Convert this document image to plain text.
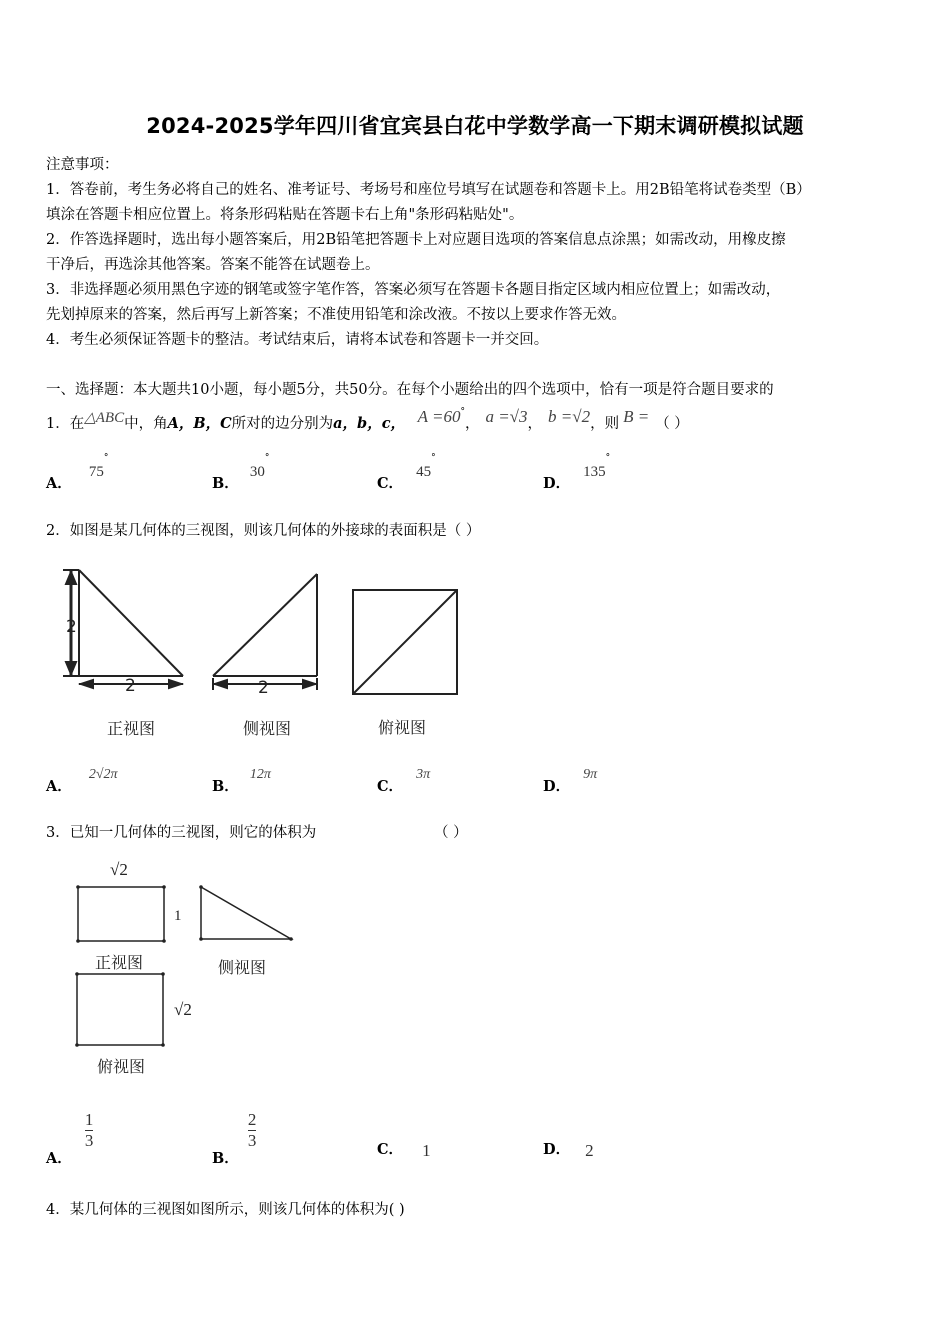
2024-2025学年四川省宜宾县白花中学数学高一下期末调研模拟试题
注意事项：
1．答卷前，考生务必将自己的姓名、准考证号、考场号和座位号填写在试题卷和答题卡上。用2B铅笔将试卷类型（B）
填涂在答题卡相应位置上。将条形码粘贴在答题卡右上角"条形码粘贴处"。
2．作答选择题时，选出每小题答案后，用2B铅笔把答题卡上对应题目选项的答案信息点涂黑；如需改动，用橡皮擦
干净后，再选涂其他答案。答案不能答在试题卷上。
3．非选择题必须用黑色字迹的钢笔或签字笔作答，答案必须写在答题卡各题目指定区域内相应位置上；如需改动，
先划掉原来的答案，然后再写上新答案；不准使用铅笔和涂改液。不按以上要求作答无效。
4．考生必须保证答题卡的整洁。考试结束后，请将本试卷和答题卡一并交回。
一、选择题：本大题共10小题，每小题5分，共50分。在每个小题给出的四个选项中，恰有一项是符合题目要求的
1．在△ABC中，角A，B，C所对的边分别为a，b，c， A =60°， a =√3， b =√2，则 B = （ ）
A． 75°
B． 30°
C． 45°
D． 135°
2．如图是某几何体的三视图，则该几何体的外接球的表面积是（ ）
2
2	2
正视图	侧视图	俯视图
A． 2√2π
B． 12π
C． 3π
D． 9π
3．已知一几何体的三视图，则它的体积为	（ ）
√2
1
√2
正视图	侧视图
俯视图
A．
$\frac{1}{3}$
B．
$\frac{2}{3}$	C． 1	D． 2
4．某几何体的三视图如图所示，则该几何体的体积为( )
